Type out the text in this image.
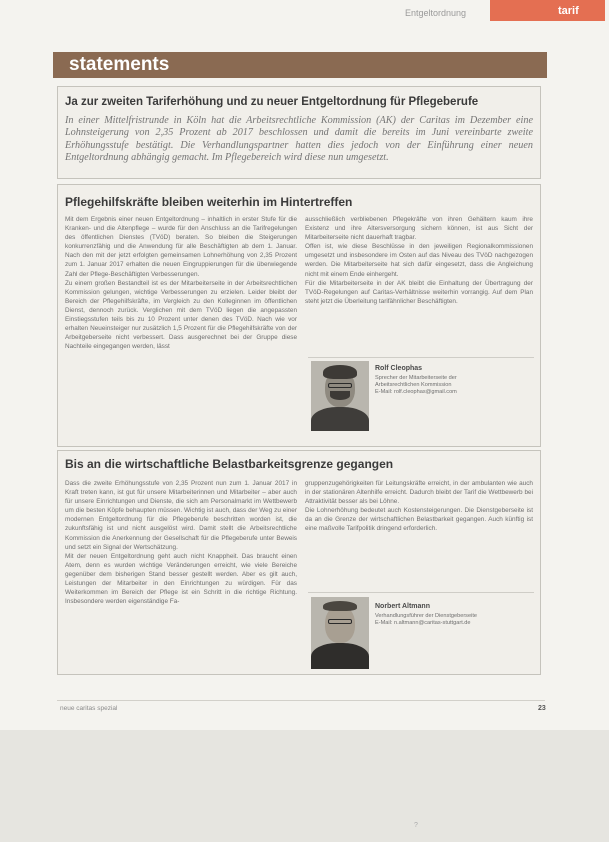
Entgeltordnung	tarif
statements
Ja zur zweiten Tariferhöhung und zu neuer Entgeltordnung für Pflegeberufe
In einer Mittelfristrunde in Köln hat die Arbeitsrechtliche Kommission (AK) der Caritas im Dezember eine Lohnsteigerung von 2,35 Prozent ab 2017 beschlossen und damit die bereits im Juni vereinbarte zweite Erhöhungsstufe bestätigt. Die Verhandlungspartner hatten dies jedoch von der Einführung einer neuen Entgeltordnung abhängig gemacht. Im Pflegebereich wird diese nun umgesetzt.
Pflegehilfskräfte bleiben weiterhin im Hintertreffen

Mit dem Ergebnis einer neuen Entgeltordnung – inhaltlich in erster Stufe für die Kranken- und die Altenpflege – wurde für den Anschluss an die Tarifregelungen des öffentlichen Dienstes (TVöD) beraten. So bleiben die Steigerungen konkurrenzfähig und die Anwendung für alle Beschäftigten ab dem 1. Januar. Nach den mit der jetzt erfolgten gemeinsamen Lohnerhöhung von 2,35 Prozent zum 1. Januar 2017 erhalten die neuen Eingruppierungen für die überwiegende Zahl der Pflege-Beschäftigten Verbesserungen.

Zu einem großen Bestandteil ist es der Mitarbeiterseite in der Arbeitsrechtlichen Kommission gelungen, wichtige Verbesserungen zu erzielen. Leider bleibt der Bereich der Pflegehilfskräfte, im Vergleich zu den Kolleginnen im öffentlichen Dienst, dennoch zurück. Verglichen mit dem TVöD liegen die angepassten Einstiegsstufen teils bis zu 10 Prozent unter denen des TVöD. Nach wie vor erhalten Neueinsteiger nur zusätzlich 1,5 Prozent für die Pflegehilfskräfte von der Arbeitgeberseite nicht verbessert. Dass ausgerechnet bei der Gruppe diese Nachteile eingegangen werden, lässt

ausschließlich verbliebenen Pflegekräfte von ihren Gehältern kaum ihre Existenz und ihre Altersversorgung sichern können, ist aus Sicht der Mitarbeiterseite nicht dauerhaft tragbar.

Offen ist, wie diese Beschlüsse in den jeweiligen Regionalkommissionen umgesetzt und insbesondere im Osten auf das Niveau des TVöD nachgezogen werden. Die Mitarbeiterseite hat sich dafür eingesetzt, dass die Angleichung nicht mit einem Ende einhergeht.

Für die Mitarbeiterseite in der AK bleibt die Einhaltung der Übertragung der TVöD-Regelungen auf Caritas-Verhältnisse weiterhin vorrangig. Auf dem Plan steht jetzt die Überleitung tarifähnlicher Beschäftigten.

Rolf Cleophas
Sprecher der Mitarbeiterseite der
Arbeitsrechtlichen Kommission
E-Mail: rolf.cleophas@gmail.com
Bis an die wirtschaftliche Belastbarkeitsgrenze gegangen

Dass die zweite Erhöhungsstufe von 2,35 Prozent nun zum 1. Januar 2017 in Kraft treten kann, ist gut für unsere Mitarbeiterinnen und Mitarbeiter – aber auch für unsere Einrichtungen und Dienste, die sich am Personalmarkt im Wettbewerb um die besten Köpfe behaupten müssen. Wichtig ist auch, dass der Weg zu einer modernen Entgeltordnung für die Pflegeberufe beschritten worden ist, die zukunftsfähig ist und nicht ausgelöst wird. Damit stellt die Arbeitsrechtliche Kommission die Anerkennung der Gesellschaft für die Pflegeberufe unter Beweis und setzt ein Signal der Wertschätzung.

Mit der neuen Entgeltordnung geht auch nicht Knappheit. Das braucht einen Atem, denn es wurden wichtige Veränderungen erreicht, wie viele Bereiche gegenüber dem bisherigen Stand besser gestellt werden. Aber es gilt auch, Leistungen der Mitarbeiter in den Einrichtungen zu würdigen. Für das Weiterkommen im Bereich der Pflege ist ein Schritt in die richtige Richtung. Insbesondere werden eigenständige Fa-

gruppenzugehörigkeiten für Leitungskräfte erreicht, in der ambulanten wie auch in der stationären Altenhilfe erreicht. Dadurch bleibt der Tarif die Wettbewerb bei Attraktivität besser als bei Löhne.

Die Lohnerhöhung bedeutet auch Kostensteigerungen. Die Dienstgeberseite ist da an die Grenze der wirtschaftlichen Belastbarkeit gegangen. Auch künftig ist eine maßvolle Tarifpolitik dringend erforderlich.

Norbert Altmann
Verhandlungsführer der Dienstgeberseite
E-Mail: n.altmann@caritas-stuttgart.de
neue caritas spezial	23
?
